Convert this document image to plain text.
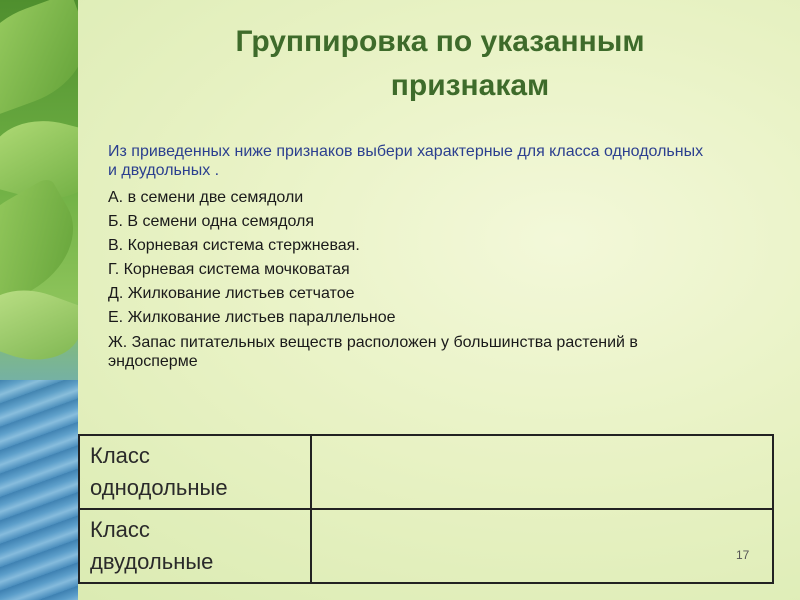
Группировка по указанным
признакам
Из приведенных ниже признаков выбери характерные для класса однодольных и двудольных .
А. в семени две семядоли
Б. В семени одна семядоля
В. Корневая система стержневая.
Г. Корневая система мочковатая
Д. Жилкование листьев сетчатое
Е. Жилкование листьев параллельное
Ж. Запас питательных веществ расположен у большинства растений в эндосперме
Класс
однодольные	

Класс
двудольные	
		17
